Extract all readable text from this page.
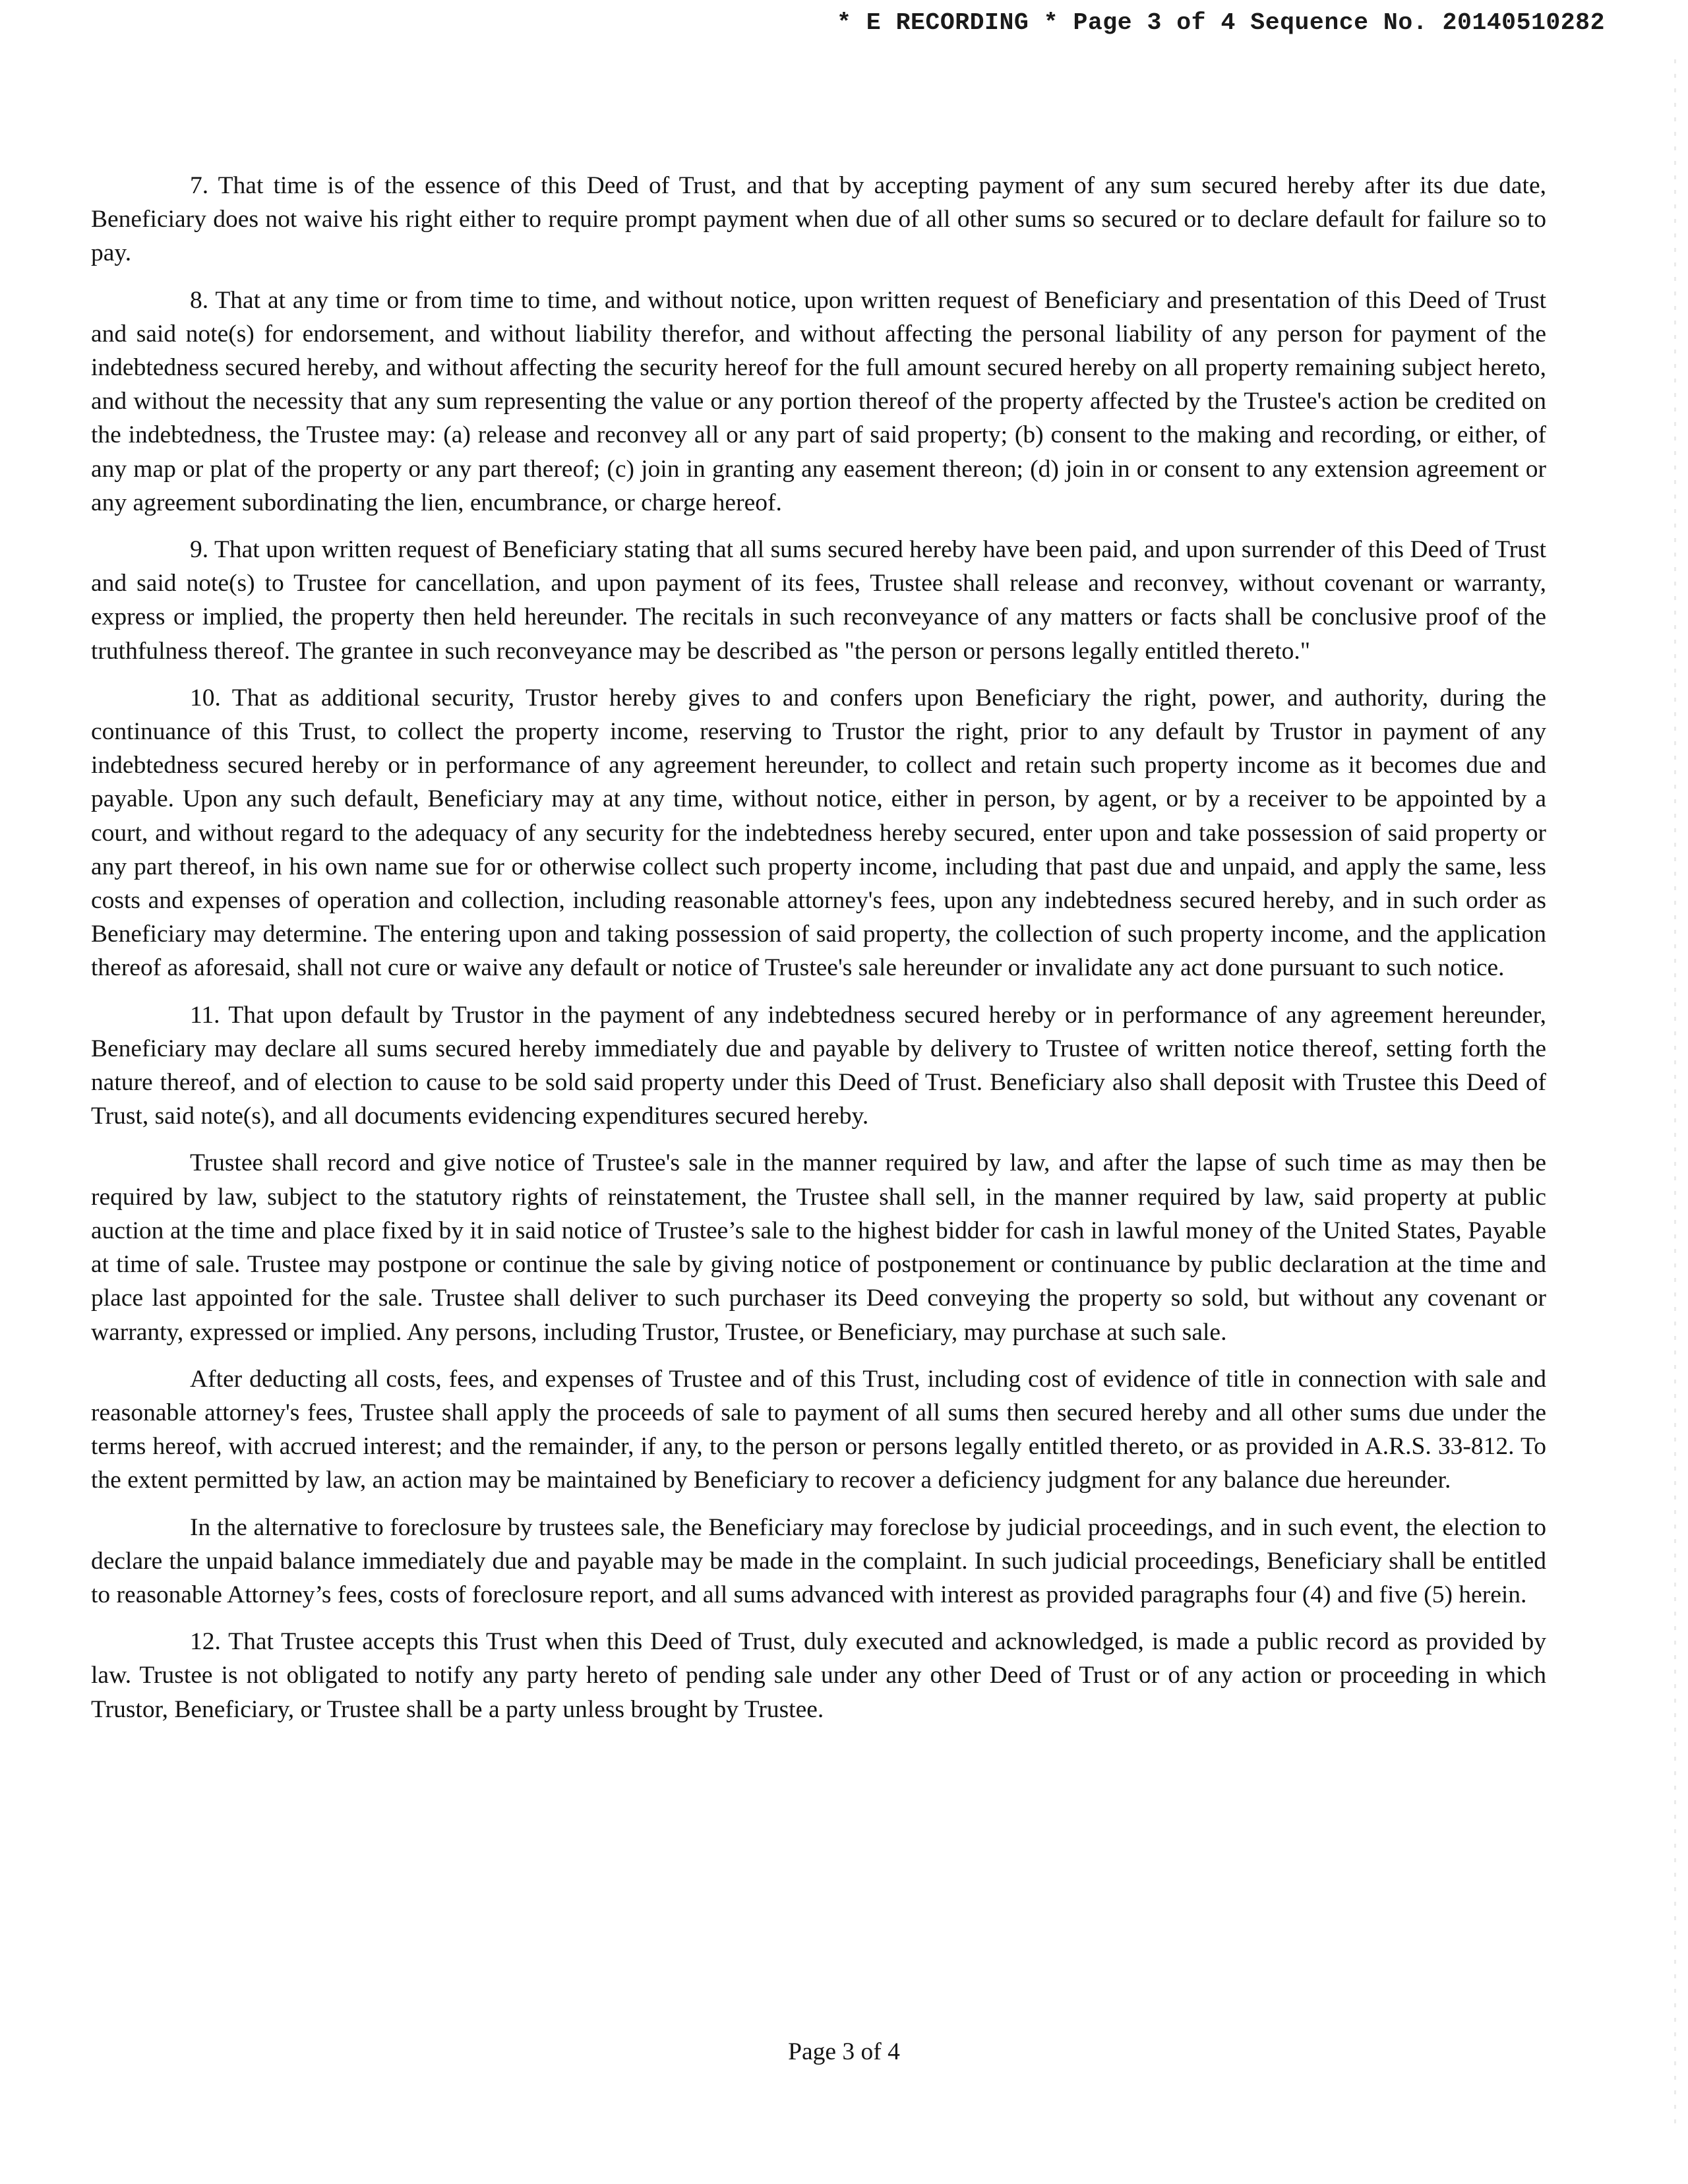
* E RECORDING * Page 3 of 4 Sequence No. 20140510282

7. That time is of the essence of this Deed of Trust, and that by accepting payment of any sum secured hereby after its due date, Beneficiary does not waive his right either to require prompt payment when due of all other sums so secured or to declare default for failure so to pay.

8. That at any time or from time to time, and without notice, upon written request of Beneficiary and presentation of this Deed of Trust and said note(s) for endorsement, and without liability therefor, and without affecting the personal liability of any person for payment of the indebtedness secured hereby, and without affecting the security hereof for the full amount secured hereby on all property remaining subject hereto, and without the necessity that any sum representing the value or any portion thereof of the property affected by the Trustee's action be credited on the indebtedness, the Trustee may: (a) release and reconvey all or any part of said property; (b) consent to the making and recording, or either, of any map or plat of the property or any part thereof; (c) join in granting any easement thereon; (d) join in or consent to any extension agreement or any agreement subordinating the lien, encumbrance, or charge hereof.

9. That upon written request of Beneficiary stating that all sums secured hereby have been paid, and upon surrender of this Deed of Trust and said note(s) to Trustee for cancellation, and upon payment of its fees, Trustee shall release and reconvey, without covenant or warranty, express or implied, the property then held hereunder. The recitals in such reconveyance of any matters or facts shall be conclusive proof of the truthfulness thereof. The grantee in such reconveyance may be described as "the person or persons legally entitled thereto."

10. That as additional security, Trustor hereby gives to and confers upon Beneficiary the right, power, and authority, during the continuance of this Trust, to collect the property income, reserving to Trustor the right, prior to any default by Trustor in payment of any indebtedness secured hereby or in performance of any agreement hereunder, to collect and retain such property income as it becomes due and payable. Upon any such default, Beneficiary may at any time, without notice, either in person, by agent, or by a receiver to be appointed by a court, and without regard to the adequacy of any security for the indebtedness hereby secured, enter upon and take possession of said property or any part thereof, in his own name sue for or otherwise collect such property income, including that past due and unpaid, and apply the same, less costs and expenses of operation and collection, including reasonable attorney's fees, upon any indebtedness secured hereby, and in such order as Beneficiary may determine. The entering upon and taking possession of said property, the collection of such property income, and the application thereof as aforesaid, shall not cure or waive any default or notice of Trustee's sale hereunder or invalidate any act done pursuant to such notice.

11. That upon default by Trustor in the payment of any indebtedness secured hereby or in performance of any agreement hereunder, Beneficiary may declare all sums secured hereby immediately due and payable by delivery to Trustee of written notice thereof, setting forth the nature thereof, and of election to cause to be sold said property under this Deed of Trust. Beneficiary also shall deposit with Trustee this Deed of Trust, said note(s), and all documents evidencing expenditures secured hereby.

Trustee shall record and give notice of Trustee's sale in the manner required by law, and after the lapse of such time as may then be required by law, subject to the statutory rights of reinstatement, the Trustee shall sell, in the manner required by law, said property at public auction at the time and place fixed by it in said notice of Trustee’s sale to the highest bidder for cash in lawful money of the United States, Payable at time of sale. Trustee may postpone or continue the sale by giving notice of postponement or continuance by public declaration at the time and place last appointed for the sale. Trustee shall deliver to such purchaser its Deed conveying the property so sold, but without any covenant or warranty, expressed or implied. Any persons, including Trustor, Trustee, or Beneficiary, may purchase at such sale.

After deducting all costs, fees, and expenses of Trustee and of this Trust, including cost of evidence of title in connection with sale and reasonable attorney's fees, Trustee shall apply the proceeds of sale to payment of all sums then secured hereby and all other sums due under the terms hereof, with accrued interest; and the remainder, if any, to the person or persons legally entitled thereto, or as provided in A.R.S. 33-812. To the extent permitted by law, an action may be maintained by Beneficiary to recover a deficiency judgment for any balance due hereunder.

In the alternative to foreclosure by trustees sale, the Beneficiary may foreclose by judicial proceedings, and in such event, the election to declare the unpaid balance immediately due and payable may be made in the complaint. In such judicial proceedings, Beneficiary shall be entitled to reasonable Attorney’s fees, costs of foreclosure report, and all sums advanced with interest as provided paragraphs four (4) and five (5) herein.

12. That Trustee accepts this Trust when this Deed of Trust, duly executed and acknowledged, is made a public record as provided by law. Trustee is not obligated to notify any party hereto of pending sale under any other Deed of Trust or of any action or proceeding in which Trustor, Beneficiary, or Trustee shall be a party unless brought by Trustee.

Page 3 of 4
